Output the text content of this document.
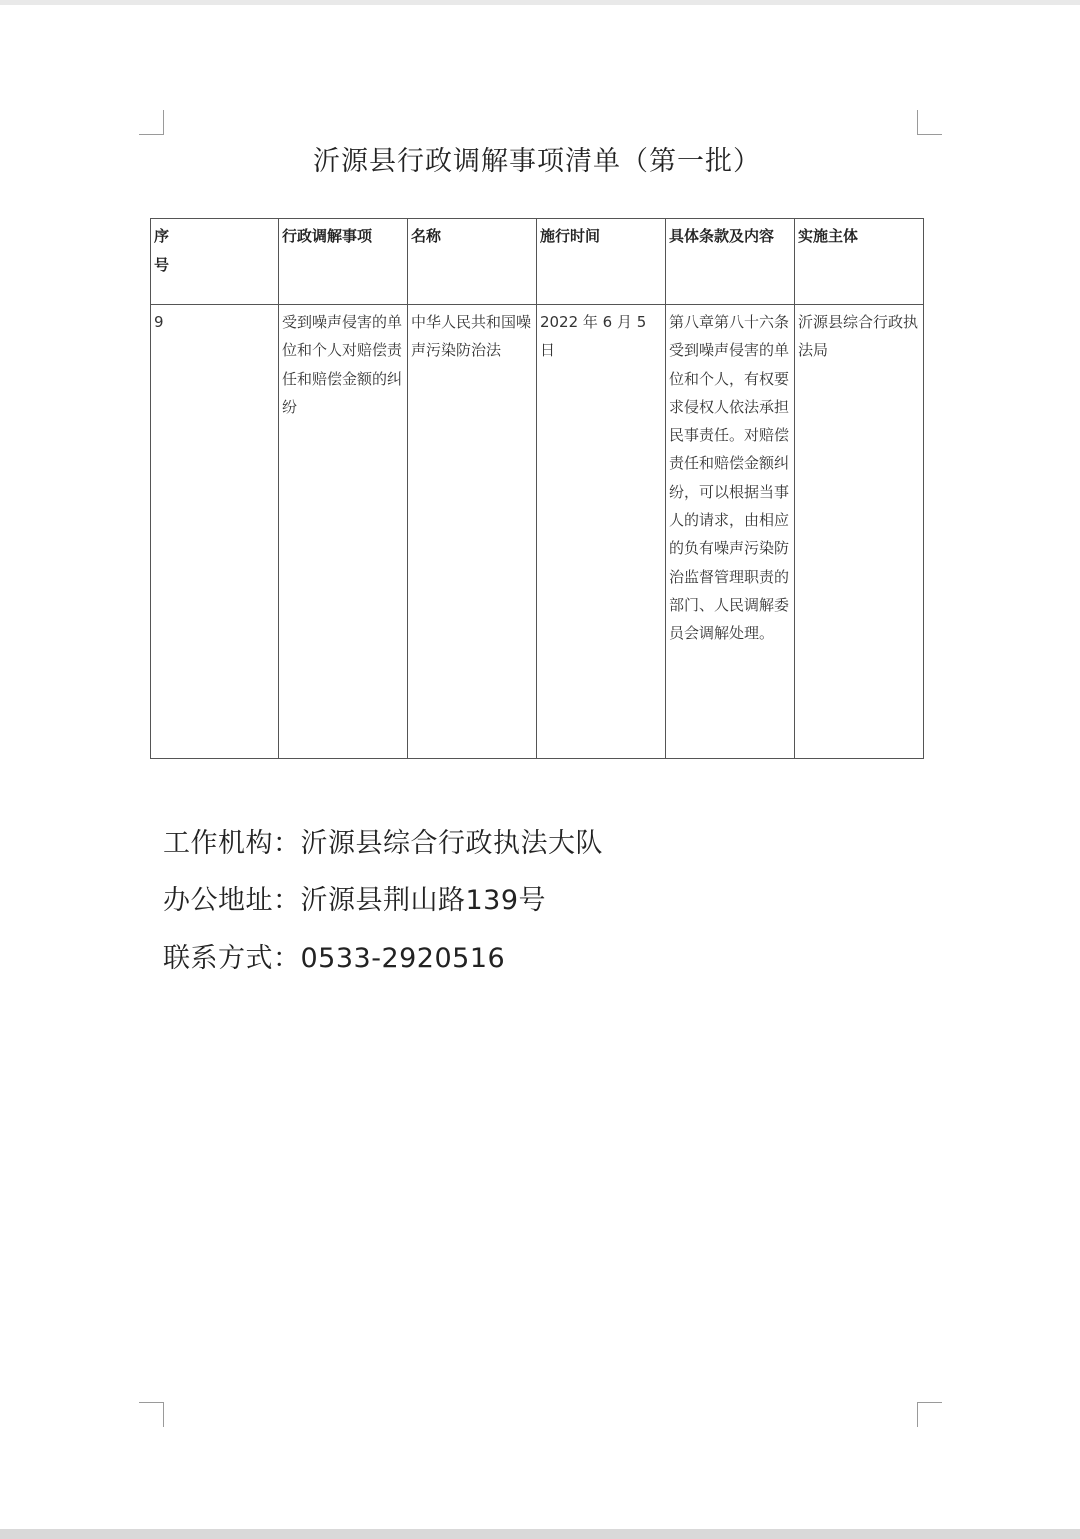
沂源县行政调解事项清单（第一批）
序号	行政调解事项	名称	施行时间	具体条款及内容	实施主体
9	受到噪声侵害的单位和个人对赔偿责任和赔偿金额的纠纷	中华人民共和国噪声污染防治法	2022 年 6 月 5 日	第八章第八十六条 受到噪声侵害的单位和个人，有权要求侵权人依法承担民事责任。对赔偿责任和赔偿金额纠纷，可以根据当事人的请求，由相应的负有噪声污染防治监督管理职责的部门、人民调解委员会调解处理。	沂源县综合行政执法局
工作机构：沂源县综合行政执法大队
办公地址：沂源县荆山路139号
联系方式：0533-2920516
